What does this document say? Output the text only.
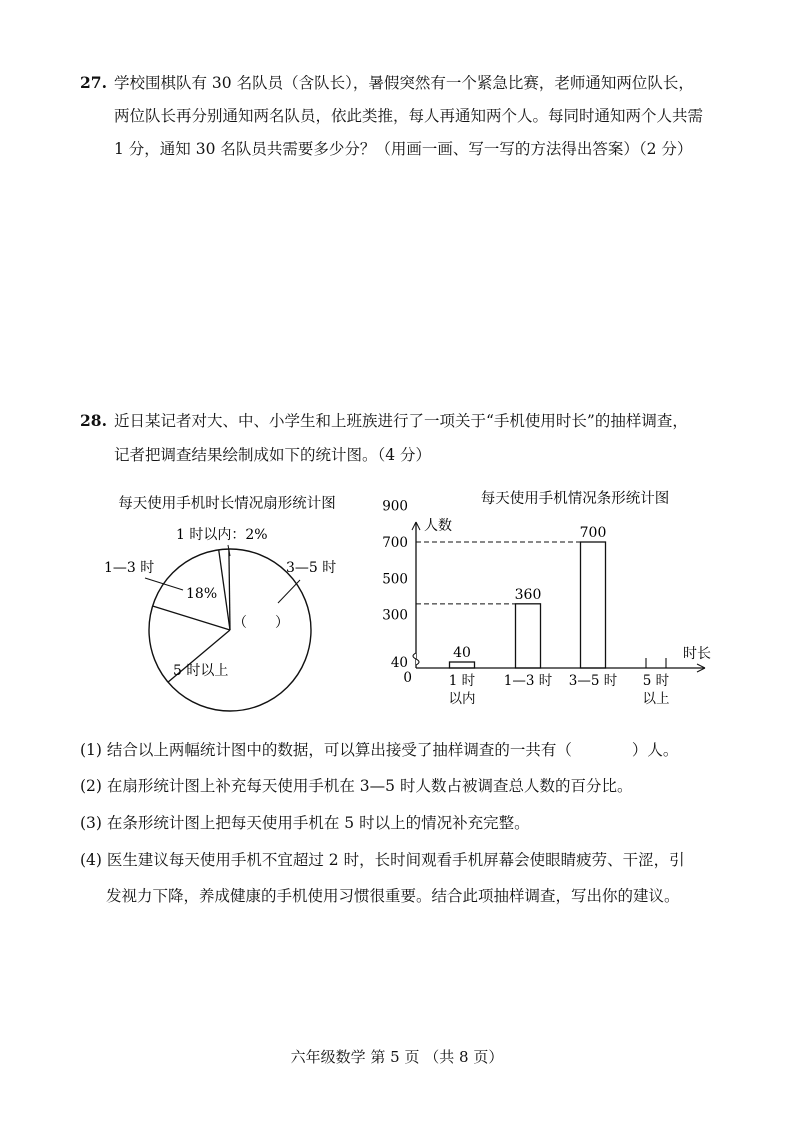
27. 学校围棋队有 30 名队员（含队长），暑假突然有一个紧急比赛，老师通知两位队长，
两位队长再分别通知两名队员，依此类推，每人再通知两个人。每同时通知两个人共需
1 分，通知 30 名队员共需要多少分？（用画一画、写一写的方法得出答案）（2 分）
28. 近日某记者对大、中、小学生和上班族进行了一项关于“手机使用时长”的抽样调查，
记者把调查结果绘制成如下的统计图。（4 分）
每天使用手机时长情况扇形统计图
1 时以内：2%
1—3 时
18%
3—5 时
（　　）
5 时以上
每天使用手机情况条形统计图
人数
时长
0
40
300
500
700
900
1 时
以内
40
1—3 时
360
3—5 时
700
5 时
以上
(1) 结合以上两幅统计图中的数据，可以算出接受了抽样调查的一共有（	）人。
(2) 在扇形统计图上补充每天使用手机在 3—5 时人数占被调查总人数的百分比。
(3) 在条形统计图上把每天使用手机在 5 时以上的情况补充完整。
(4) 医生建议每天使用手机不宜超过 2 时，长时间观看手机屏幕会使眼睛疲劳、干涩，引
发视力下降，养成健康的手机使用习惯很重要。结合此项抽样调查，写出你的建议。
六年级数学 第 5 页 （共 8 页）
